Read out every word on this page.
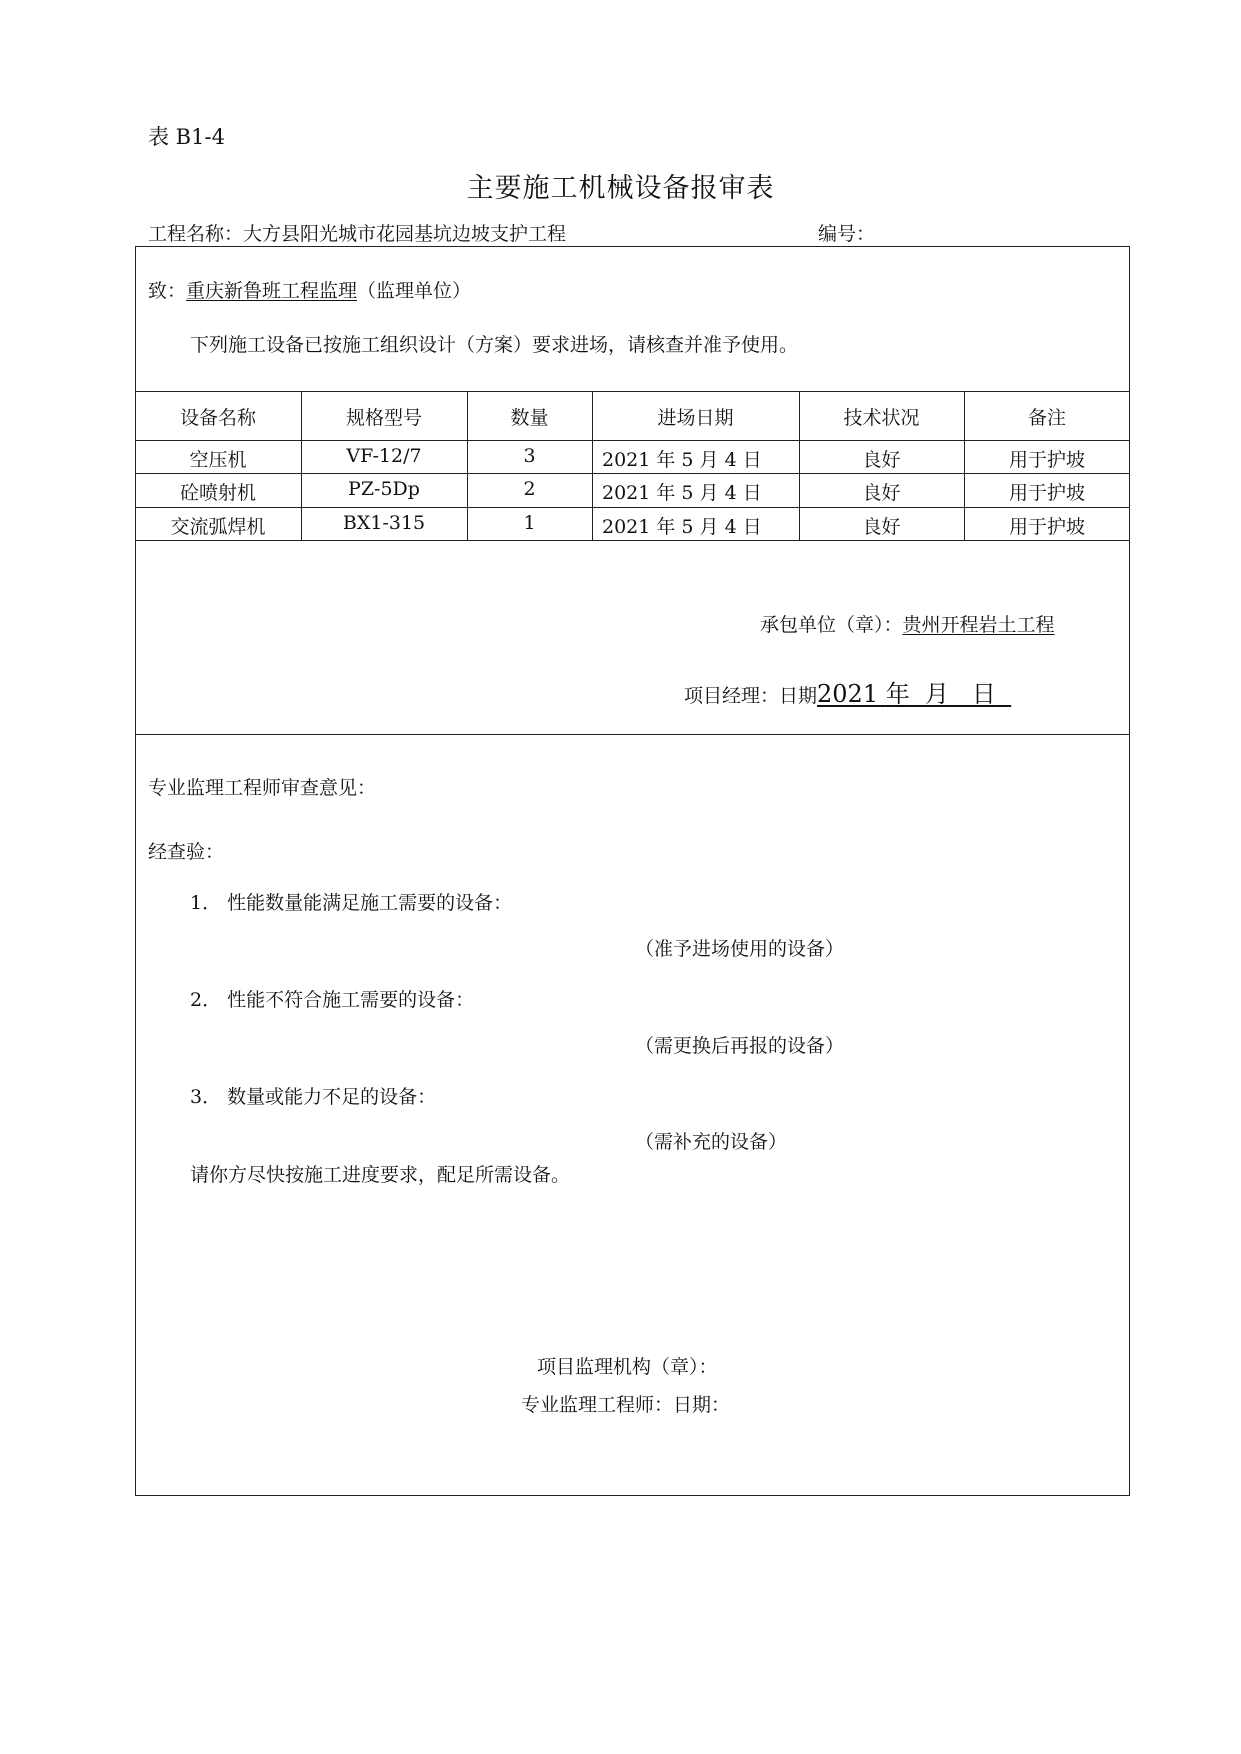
表 B1-4
主要施工机械设备报审表
工程名称：大方县阳光城市花园基坑边坡支护工程	编号：
致：重庆新鲁班工程监理（监理单位）
下列施工设备已按施工组织设计（方案）要求进场，请核查并准予使用。
设备名称	规格型号	数量	进场日期	技术状况	备注
空压机	VF-12/7	3	2021 年 5 月 4 日	良好	用于护坡
砼喷射机	PZ-5Dp	2	2021 年 5 月 4 日	良好	用于护坡
交流弧焊机	BX1-315	1	2021 年 5 月 4 日	良好	用于护坡
承包单位（章）：贵州开程岩土工程
项目经理：日期2021 年  月   日
专业监理工程师审查意见：
经查验：
1． 性能数量能满足施工需要的设备：
（准予进场使用的设备）
2． 性能不符合施工需要的设备：
（需更换后再报的设备）
3． 数量或能力不足的设备：
（需补充的设备）
请你方尽快按施工进度要求，配足所需设备。
项目监理机构（章）：
专业监理工程师：日期：
